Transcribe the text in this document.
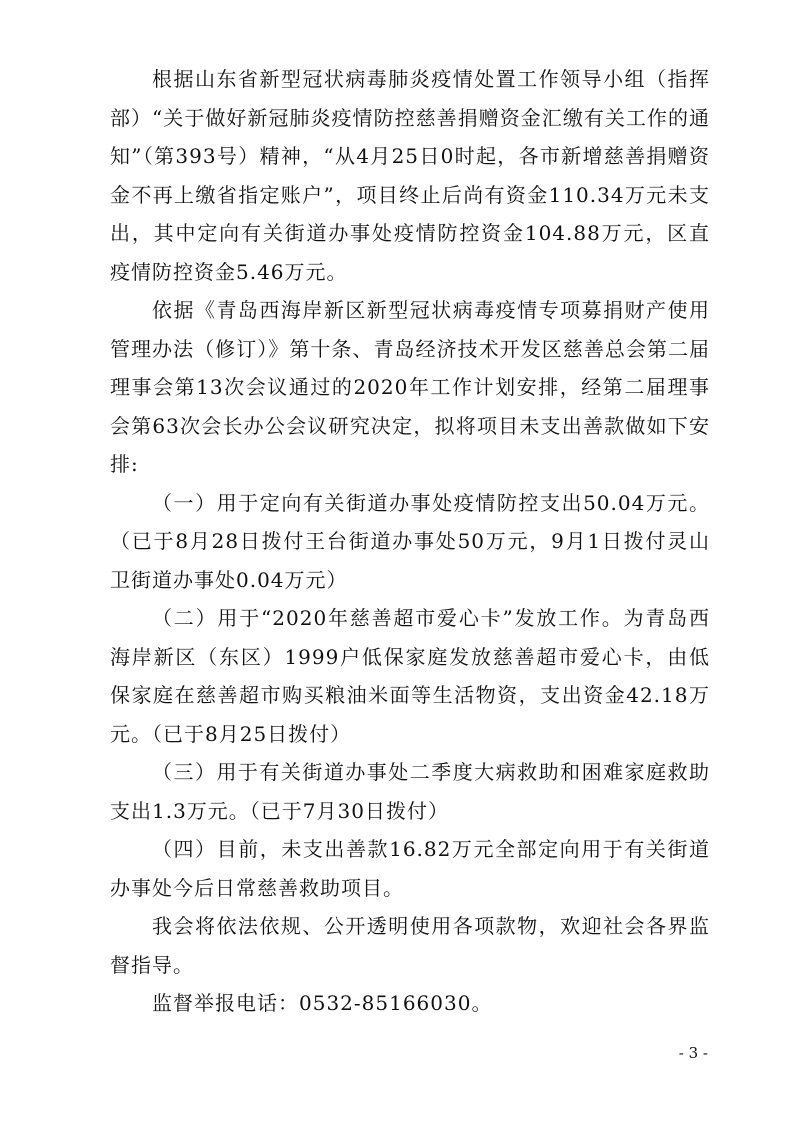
根据山东省新型冠状病毒肺炎疫情处置工作领导小组（指挥部）“关于做好新冠肺炎疫情防控慈善捐赠资金汇缴有关工作的通知”（第393号）精神，“从4月25日0时起，各市新增慈善捐赠资金不再上缴省指定账户”，项目终止后尚有资金110.34万元未支出，其中定向有关街道办事处疫情防控资金104.88万元，区直疫情防控资金5.46万元。

依据《青岛西海岸新区新型冠状病毒疫情专项募捐财产使用管理办法（修订）》第十条、青岛经济技术开发区慈善总会第二届理事会第13次会议通过的2020年工作计划安排，经第二届理事会第63次会长办公会议研究决定，拟将项目未支出善款做如下安排:

（一）用于定向有关街道办事处疫情防控支出50.04万元。（已于8月28日拨付王台街道办事处50万元，9月1日拨付灵山卫街道办事处0.04万元）

（二）用于“2020年慈善超市爱心卡”发放工作。为青岛西海岸新区（东区）1999户低保家庭发放慈善超市爱心卡，由低保家庭在慈善超市购买粮油米面等生活物资，支出资金42.18万元。（已于8月25日拨付）

（三）用于有关街道办事处二季度大病救助和困难家庭救助支出1.3万元。（已于7月30日拨付）

（四）目前，未支出善款16.82万元全部定向用于有关街道办事处今后日常慈善救助项目。

我会将依法依规、公开透明使用各项款物，欢迎社会各界监督指导。

监督举报电话：0532-85166030。

- 3 -
